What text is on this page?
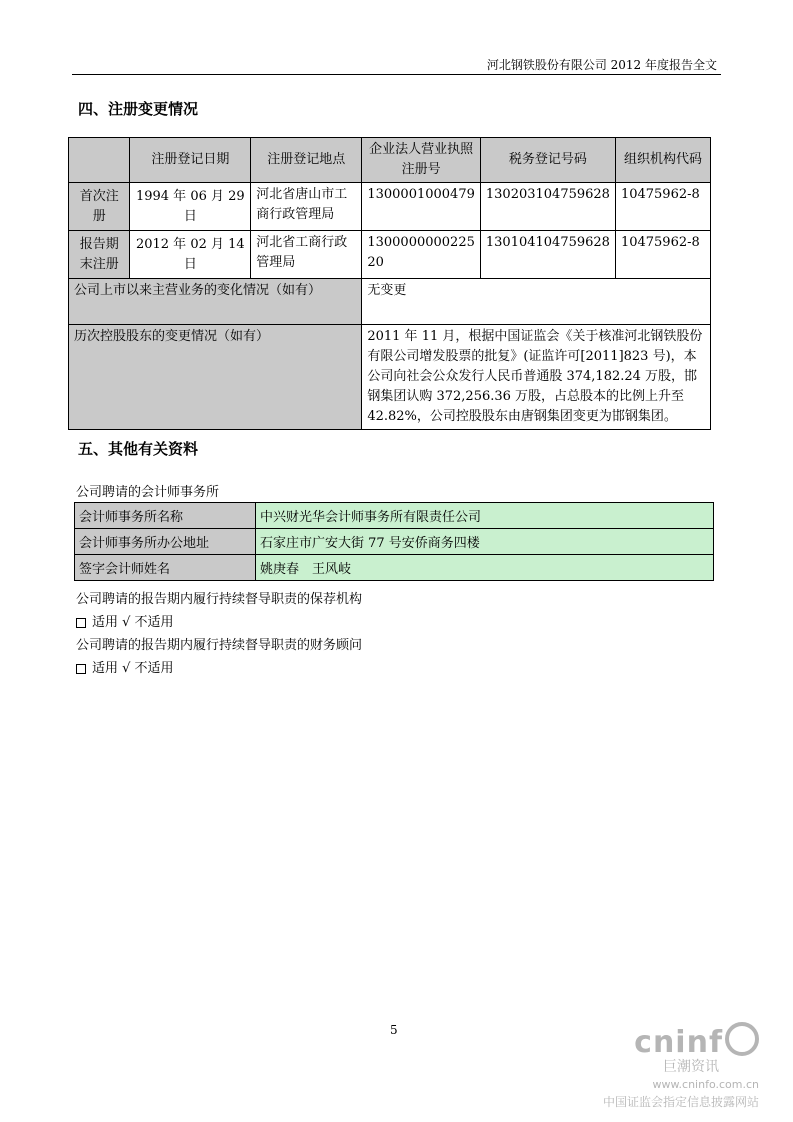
河北钢铁股份有限公司 2012 年度报告全文
四、注册变更情况
	注册登记日期	注册登记地点	企业法人营业执照注册号	税务登记号码	组织机构代码
首次注册	1994 年 06 月 29 日	河北省唐山市工商行政管理局	1300001000479	130203104759628	10475962-8
报告期末注册	2012 年 02 月 14 日	河北省工商行政管理局	130000000022520	130104104759628	10475962-8
公司上市以来主营业务的变化情况（如有）			无变更		
历次控股股东的变更情况（如有）			2011 年 11 月，根据中国证监会《关于核准河北钢铁股份有限公司增发股票的批复》(证监许可[2011]823 号)，本公司向社会公众发行人民币普通股 374,182.24 万股，邯钢集团认购 372,256.36 万股，占总股本的比例上升至 42.82%，公司控股股东由唐钢集团变更为邯钢集团。		
五、其他有关资料
公司聘请的会计师事务所
会计师事务所名称	中兴财光华会计师事务所有限责任公司
会计师事务所办公地址	石家庄市广安大街 77 号安侨商务四楼
签字会计师姓名	姚庚春　王风岐
公司聘请的报告期内履行持续督导职责的保荐机构
适用 √ 不适用
公司聘请的报告期内履行持续督导职责的财务顾问
适用 √ 不适用
5	cninf
巨潮资讯
www.cninfo.com.cn
中国证监会指定信息披露网站
